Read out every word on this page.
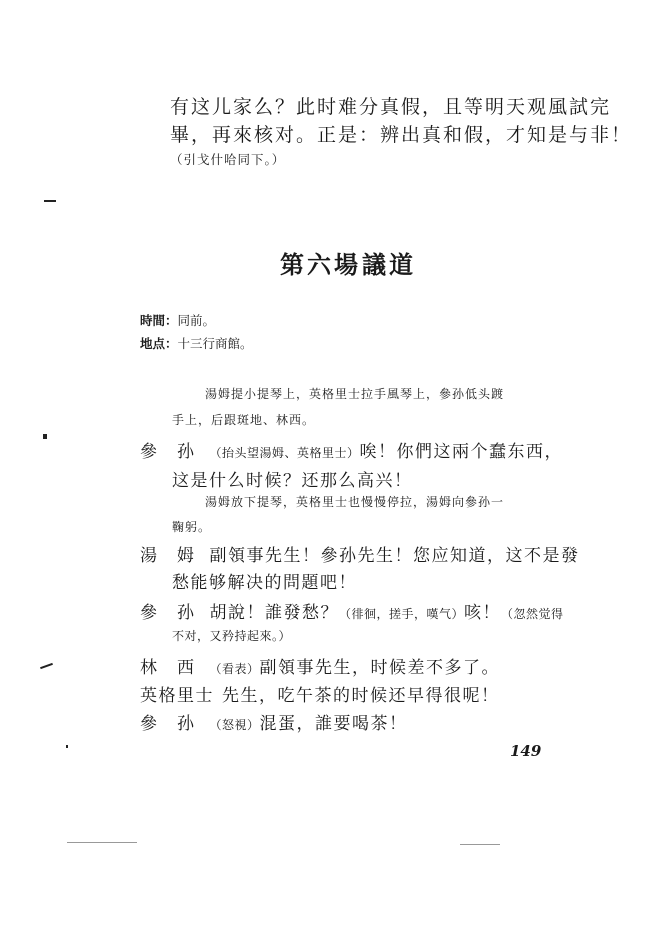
有这儿家么？此时难分真假，且等明天观風試完
畢，再來核对。正是：辨出真和假，才知是与非！
（引戈什哈同下。）
第六場 議道
時間：同前。
地点：十三行商館。
湯姆提小提琴上，英格里士拉手風琴上，參孙低头踱
手上，后跟斑地、林西。
參　孙 （抬头望湯姆、英格里士）唉！你們这兩个蠢东西，
这是什么时候？还那么高兴！
湯姆放下提琴，英格里士也慢慢停拉，湯姆向參孙一
鞠躬。
湯　姆 副領事先生！參孙先生！您应知道，这不是發
愁能够解决的問題吧！
參　孙 胡說！誰發愁？（徘徊，搓手，嘆气）咳！（忽然觉得
不对，又矜持起來。）
林　西 （看表）副領事先生，时候差不多了。
英格里士 先生，吃午茶的时候还早得很呢！
參　孙 （怒視）混蛋，誰要喝茶！
149
